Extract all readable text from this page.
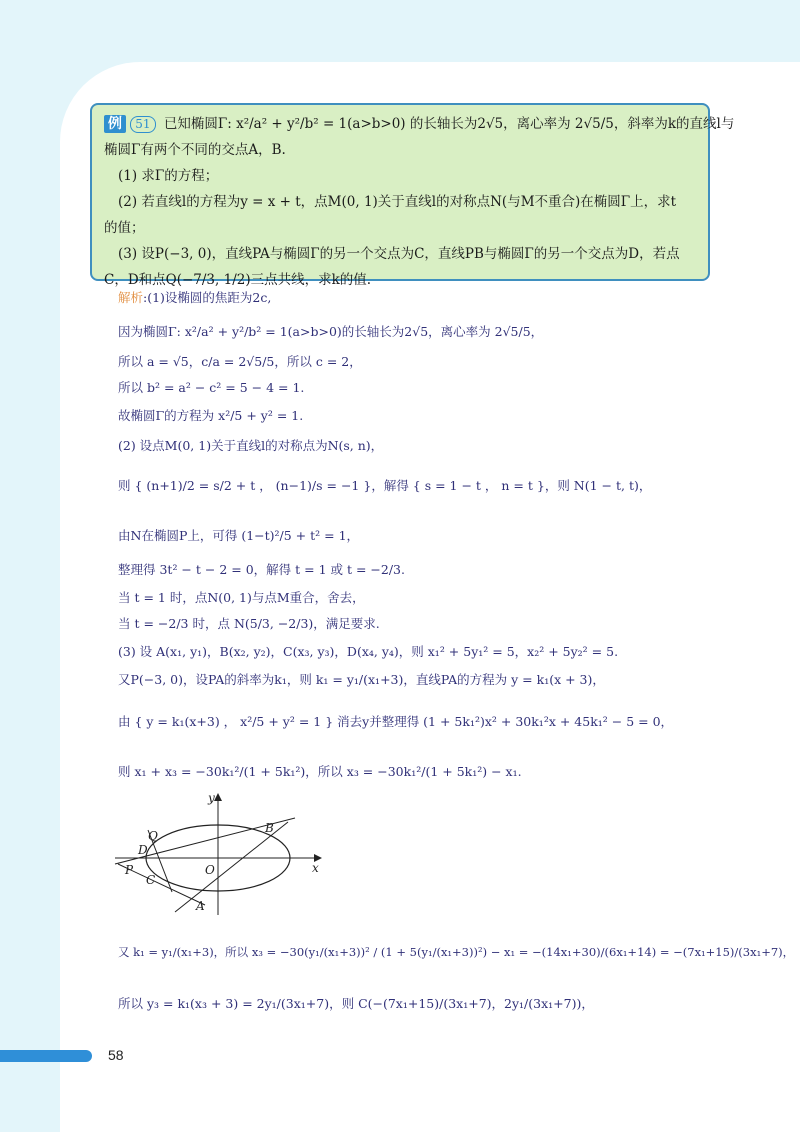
例 51 已知椭圆Γ: x²/a² + y²/b² = 1(a>b>0) 的长轴长为2√5，离心率为 2√5/5，斜率为k的直线l与
椭圆Γ有两个不同的交点A，B.
(1) 求Γ的方程；
(2) 若直线l的方程为y = x + t，点M(0, 1)关于直线l的对称点N(与M不重合)在椭圆Γ上，求t
的值；
(3) 设P(−3, 0)，直线PA与椭圆Γ的另一个交点为C，直线PB与椭圆Γ的另一个交点为D，若点
C，D和点Q(−7/3, 1/2)三点共线，求k的值.
解析:(1)设椭圆的焦距为2c,
因为椭圆Γ: x²/a² + y²/b² = 1(a>b>0)的长轴长为2√5，离心率为 2√5/5，
所以 a = √5，c/a = 2√5/5，所以 c = 2，
所以 b² = a² − c² = 5 − 4 = 1.
故椭圆Γ的方程为 x²/5 + y² = 1.
(2) 设点M(0, 1)关于直线l的对称点为N(s, n)，
则 { (n+1)/2 = s/2 + t ， (n−1)/s = −1 }，解得 { s = 1 − t ， n = t }，则 N(1 − t, t)，
由N在椭圆P上，可得 (1−t)²/5 + t² = 1，
整理得 3t² − t − 2 = 0，解得 t = 1 或 t = −2/3.
当 t = 1 时，点N(0, 1)与点M重合，舍去，
当 t = −2/3 时，点 N(5/3, −2/3)，满足要求.
(3) 设 A(x₁, y₁)，B(x₂, y₂)，C(x₃, y₃)，D(x₄, y₄)，则 x₁² + 5y₁² = 5，x₂² + 5y₂² = 5.
又P(−3, 0)，设PA的斜率为k₁，则 k₁ = y₁/(x₁+3)，直线PA的方程为 y = k₁(x + 3)，
由 { y = k₁(x+3) ， x²/5 + y² = 1 } 消去y并整理得 (1 + 5k₁²)x² + 30k₁²x + 45k₁² − 5 = 0，
则 x₁ + x₃ = −30k₁²/(1 + 5k₁²)，所以 x₃ = −30k₁²/(1 + 5k₁²) − x₁.
又 k₁ = y₁/(x₁+3)，所以 x₃ = −30(y₁/(x₁+3))² / (1 + 5(y₁/(x₁+3))²) − x₁ = −(14x₁+30)/(6x₁+14) = −(7x₁+15)/(3x₁+7)，
所以 y₃ = k₁(x₃ + 3) = 2y₁/(3x₁+7)，则 C(−(7x₁+15)/(3x₁+7)，2y₁/(3x₁+7))，
y
x
Q
B
D
P
C
O
A
58
